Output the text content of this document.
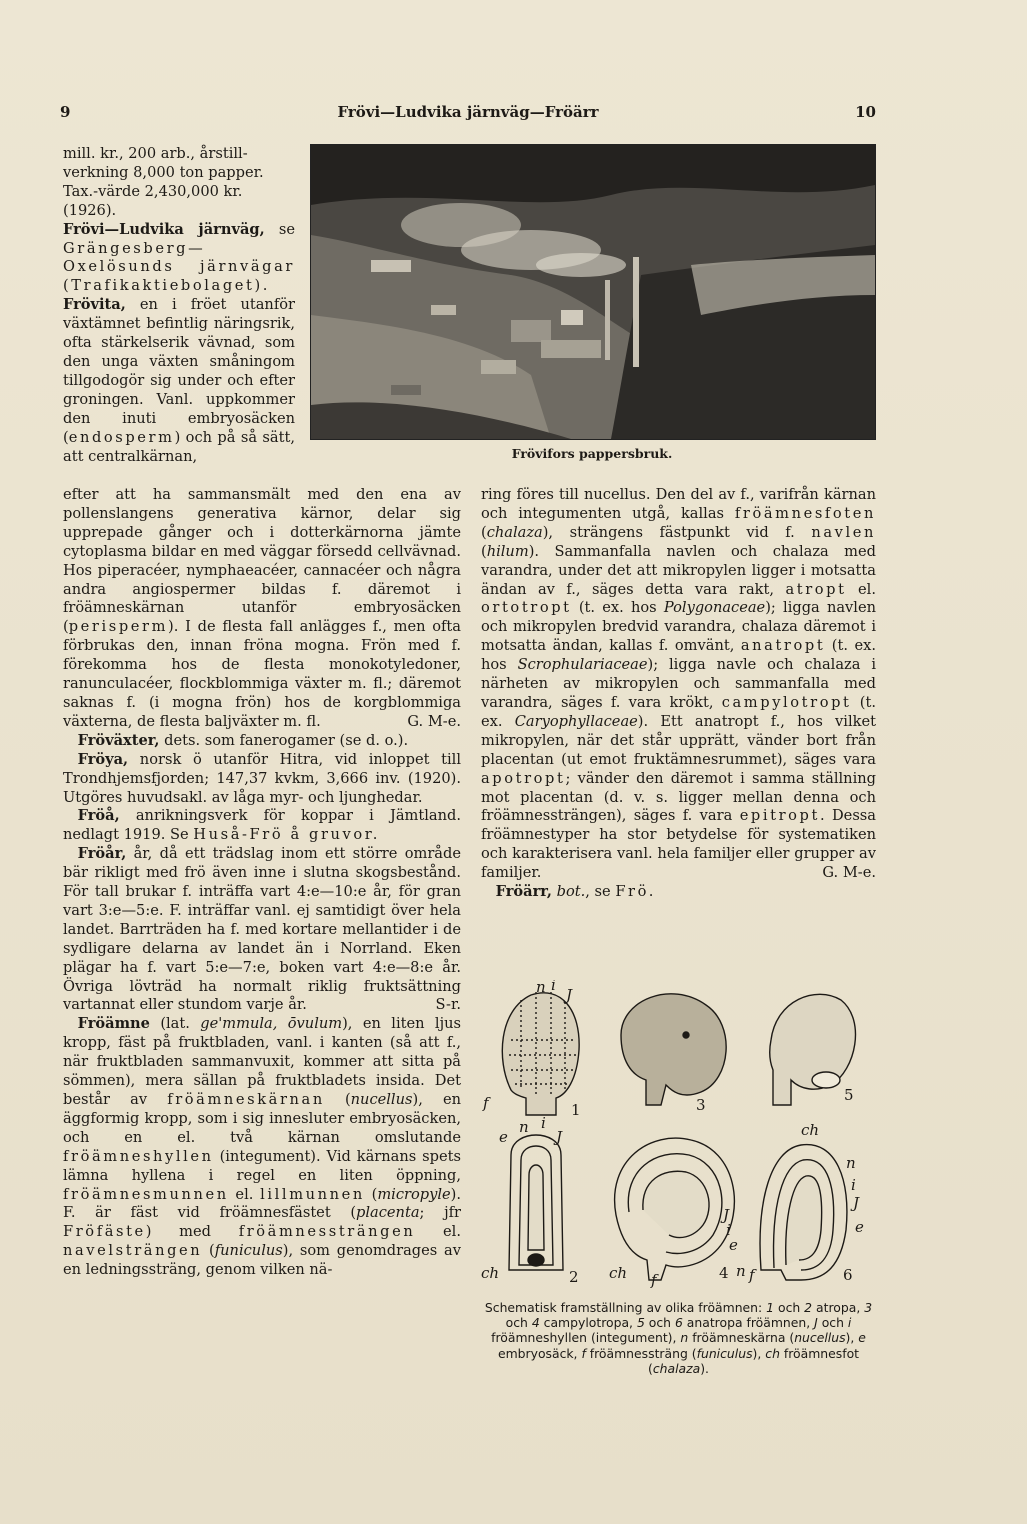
9	Frövi—Ludvika järnväg—Fröärr	10

mill. kr., 200 arb., årstill-
verkning 8,000 ton papper.
Tax.-värde 2,430,000 kr.
(1926).

Frövi—Ludvika järnväg, se Grängesberg—Oxelösunds järnvägar (Trafikaktiebolaget).

Frövita, en i fröet utanför växtämnet befintlig näringsrik, ofta stärkelserik vävnad, som den unga växten småningom tillgodogör sig under och efter groningen. Vanl. uppkommer den inuti embryosäcken (endosperm) och på så sätt, att centralkärnan,	Frövifors pappersbruk.

efter att ha sammansmält med den ena av pollenslangens generativa kärnor, delar sig upprepade gånger och i dotterkärnorna jämte cytoplasma bildar en med väggar försedd cellvävnad. Hos piperacéer, nymphaeacéer, cannacéer och några andra angiospermer bildas f. däremot i fröämneskärnan utanför embryosäcken (perisperm). I de flesta fall anlägges f., men ofta förbrukas den, innan fröna mogna. Frön med f. förekomma hos de flesta monokotyledoner, ranunculacéer, flockblommiga växter m. fl.; däremot saknas f. (i mogna frön) hos de korgblommiga växterna, de flesta baljväxter m. fl.	G. M-e.

 Fröväxter, dets. som fanerogamer (se d. o.).

 Fröya, norsk ö utanför Hitra, vid inloppet till Trondhjemsfjorden; 147,37 kvkm, 3,666 inv. (1920). Utgöres huvudsakl. av låga myr- och ljunghedar.

 Fröå, anrikningsverk för koppar i Jämtland. nedlagt 1919. Se Huså-Frö å gruvor.

 Fröår, år, då ett trädslag inom ett större område bär rikligt med frö även inne i slutna skogsbestånd. För tall brukar f. inträffa vart 4:e—10:e år, för gran vart 3:e—5:e. F. inträffar vanl. ej samtidigt över hela landet. Barrträden ha f. med kortare mellantider i de sydligare delarna av landet än i Norrland. Eken plägar ha f. vart 5:e—7:e, boken vart 4:e—8:e år. Övriga lövträd ha normalt riklig fruktsättning vartannat eller stundom varje år.	S-r.

 Fröämne (lat. ge'mmula, ōvulum), en liten ljus kropp, fäst på fruktbladen, vanl. i kanten (så att f., när fruktbladen sammanvuxit, kommer att sitta på sömmen), mera sällan på fruktbladets insida. Det består av fröämneskärnan (nucellus), en äggformig kropp, som i sig innesluter embryosäcken, och en el. två kärnan omslutande fröämneshyllen (integument). Vid kärnans spets lämna hyllena i regel en liten öppning, fröämnesmunnen el. lillmunnen (micropyle). F. är fäst vid fröämnesfästet (placenta; jfr Fröfäste) med fröämnessträngen el. navelsträngen (funiculus), som genomdrages av en ledningssträng, genom vilken nä-

ring föres till nucellus. Den del av f., varifrån kärnan och integumenten utgå, kallas fröämnesfoten (chalaza), strängens fästpunkt vid f. navlen (hilum). Sammanfalla navlen och chalaza med varandra, under det att mikropylen ligger i motsatta ändan av f., säges detta vara rakt, atropt el. ortotropt (t. ex. hos Polygonaceae); ligga navlen och mikropylen bredvid varandra, chalaza däremot i motsatta ändan, kallas f. omvänt, anatropt (t. ex. hos Scrophulariaceae); ligga navle och chalaza i närheten av mikropylen och sammanfalla med varandra, säges f. vara krökt, campylotropt (t. ex. Caryophyllaceae). Ett anatropt f., hos vilket mikropylen, när det står upprätt, vänder bort från placentan (ut emot fruktämnesrummet), säges vara apotropt; vänder den däremot i samma ställning mot placentan (d. v. s. ligger mellan denna och fröämnessträngen), säges f. vara epitropt. Dessa fröämnestyper ha stor betydelse för systematiken och karakterisera vanl. hela familjer eller grupper av familjer.	G. M-e.

 Fröärr, bot., se Frö.

n i
J
f	1	3
5
e
n i
J
ch	2 ch f
J
i
e
4 n f
ch
n
i
J
e
6
Schematisk framställning av olika fröämnen: 1 och 2 atropa, 3 och 4 campylotropa, 5 och 6 anatropa fröämnen, J och i fröämneshyllen (integument), n fröämneskärna (nucellus), e embryosäck, f fröämnessträng (funiculus), ch fröämnesfot (chalaza).
